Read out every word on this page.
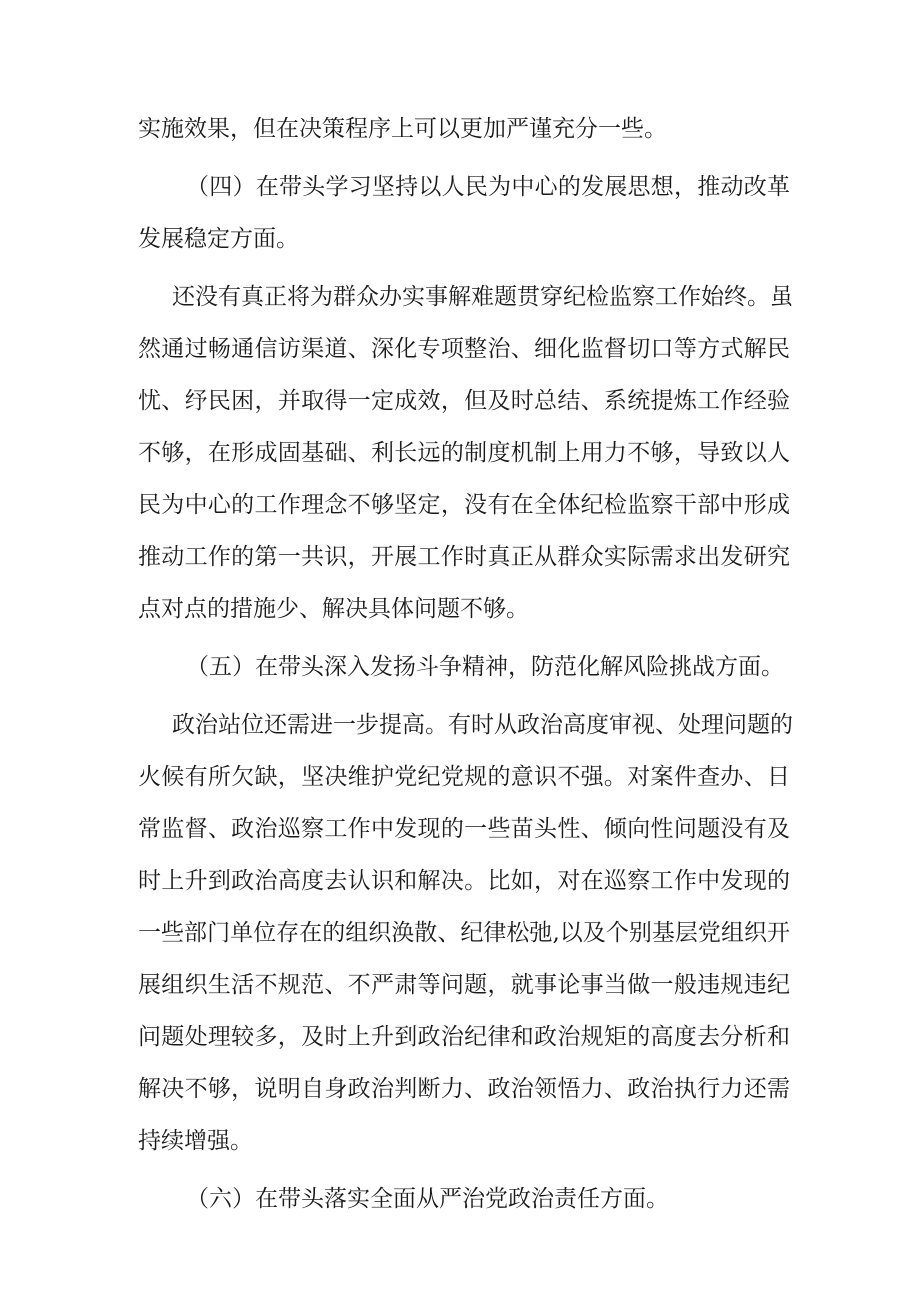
实施效果，但在决策程序上可以更加严谨充分一些。
（四）在带头学习坚持以人民为中心的发展思想，推动改革
发展稳定方面。
还没有真正将为群众办实事解难题贯穿纪检监察工作始终。虽
然通过畅通信访渠道、深化专项整治、细化监督切口等方式解民
忧、纾民困，并取得一定成效，但及时总结、系统提炼工作经验
不够，在形成固基础、利长远的制度机制上用力不够，导致以人
民为中心的工作理念不够坚定，没有在全体纪检监察干部中形成
推动工作的第一共识，开展工作时真正从群众实际需求出发研究
点对点的措施少、解决具体问题不够。
（五）在带头深入发扬斗争精神，防范化解风险挑战方面。
政治站位还需进一步提高。有时从政治高度审视、处理问题的
火候有所欠缺，坚决维护党纪党规的意识不强。对案件查办、日
常监督、政治巡察工作中发现的一些苗头性、倾向性问题没有及
时上升到政治高度去认识和解决。比如，对在巡察工作中发现的
一些部门单位存在的组织涣散、纪律松弛,以及个别基层党组织开
展组织生活不规范、不严肃等问题，就事论事当做一般违规违纪
问题处理较多，及时上升到政治纪律和政治规矩的高度去分析和
解决不够，说明自身政治判断力、政治领悟力、政治执行力还需
持续增强。
（六）在带头落实全面从严治党政治责任方面。
